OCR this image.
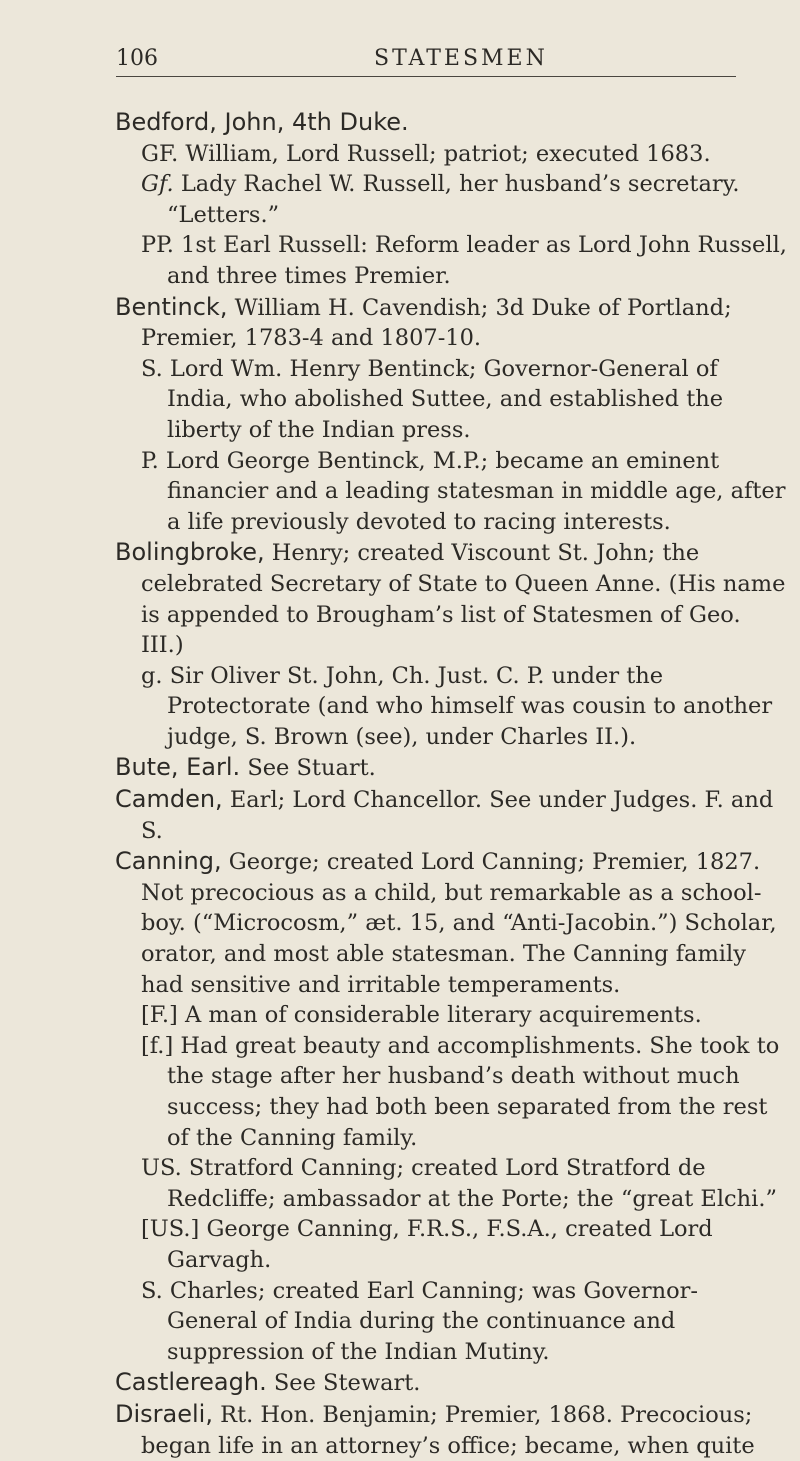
106	STATESMEN
Bedford, John, 4th Duke.
GF. William, Lord Russell; patriot; executed 1683.
Gf. Lady Rachel W. Russell, her husband’s secretary. “Letters.”
PP. 1st Earl Russell: Reform leader as Lord John Russell, and three times Premier.
Bentinck, William H. Cavendish; 3d Duke of Portland; Premier, 1783-4 and 1807-10.
S. Lord Wm. Henry Bentinck; Governor-General of India, who abolished Suttee, and established the liberty of the Indian press.
P. Lord George Bentinck, M.P.; became an eminent financier and a leading statesman in middle age, after a life previously devoted to racing interests.
Bolingbroke, Henry; created Viscount St. John; the celebrated Secretary of State to Queen Anne. (His name is appended to Brougham’s list of Statesmen of Geo. III.)
g. Sir Oliver St. John, Ch. Just. C. P. under the Protectorate (and who himself was cousin to another judge, S. Brown (see), under Charles II.).
Bute, Earl. See Stuart.
Camden, Earl; Lord Chancellor. See under Judges. F. and S.
Canning, George; created Lord Canning; Premier, 1827. Not precocious as a child, but remarkable as a school-boy. (“Microcosm,” æt. 15, and “Anti-Jacobin.”) Scholar, orator, and most able statesman. The Canning family had sensitive and irritable temperaments.
[F.] A man of considerable literary acquirements.
[f.] Had great beauty and accomplishments. She took to the stage after her husband’s death without much success; they had both been separated from the rest of the Canning family.
US. Stratford Canning; created Lord Stratford de Redcliffe; ambassador at the Porte; the “great Elchi.”
[US.] George Canning, F.R.S., F.S.A., created Lord Garvagh.
S. Charles; created Earl Canning; was Governor-General of India during the continuance and suppression of the Indian Mutiny.
Castlereagh. See Stewart.
Disraeli, Rt. Hon. Benjamin; Premier, 1868. Precocious; began life in an attorney’s office; became, when quite
